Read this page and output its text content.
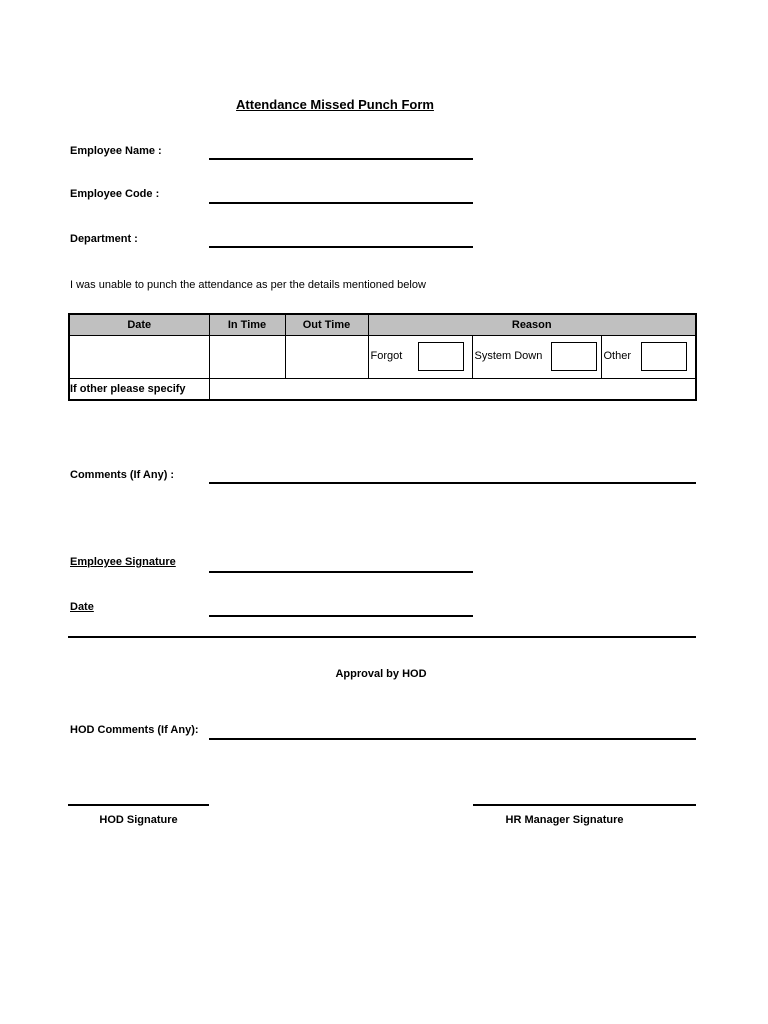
Attendance Missed Punch Form
Employee Name :
Employee Code :
Department :
I was unable to punch the attendance as per the details mentioned below
Date	In Time	Out Time	Reason

			Forgot System Down Other

If other please specify			
Comments (If Any) :
Employee Signature
Date
Approval by HOD
HOD Comments (If Any):
HOD Signature	HR Manager Signature
